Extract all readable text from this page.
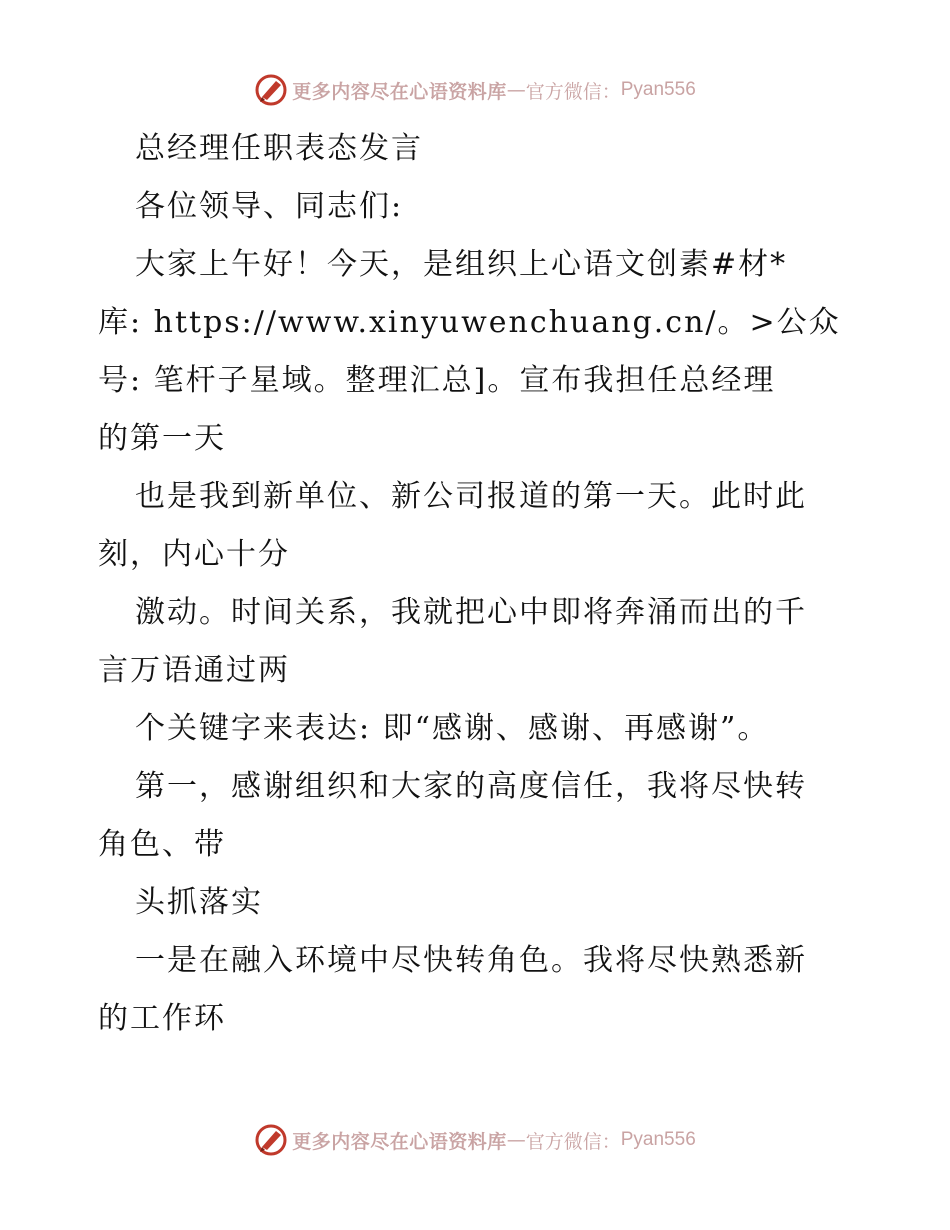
更多内容尽在心语资料库 — 官方微信： Pyan556
总经理任职表态发言
各位领导、同志们:
大家上午好！今天，是组织上心语文创素#材*
库: https://www.xinyuwenchuang.cn/。>公众
号: 笔杆子星域。整理汇总]。宣布我担任总经理
的第一天
也是我到新单位、新公司报道的第一天。此时此
刻，内心十分
激动。时间关系，我就把心中即将奔涌而出的千
言万语通过两
个关键字来表达: 即“感谢、感谢、再感谢”。
第一，感谢组织和大家的高度信任，我将尽快转
角色、带
头抓落实
一是在融入环境中尽快转角色。我将尽快熟悉新
的工作环
更多内容尽在心语资料库 — 官方微信： Pyan556
